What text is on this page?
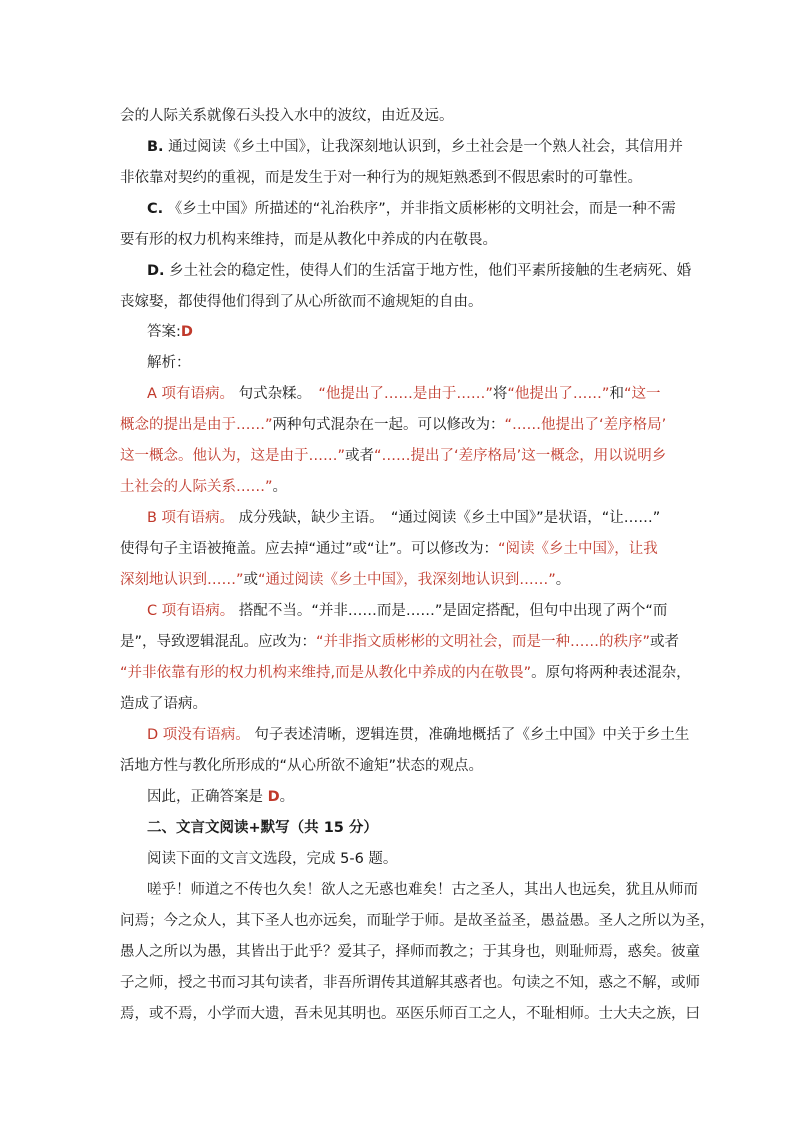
会的人际关系就像石头投入水中的波纹，由近及远。
B. 通过阅读《乡土中国》，让我深刻地认识到，乡土社会是一个熟人社会，其信用并
非依靠对契约的重视，而是发生于对一种行为的规矩熟悉到不假思索时的可靠性。
C. 《乡土中国》所描述的“礼治秩序”，并非指文质彬彬的文明社会，而是一种不需
要有形的权力机构来维持，而是从教化中养成的内在敬畏。
D. 乡土社会的稳定性，使得人们的生活富于地方性，他们平素所接触的生老病死、婚
丧嫁娶，都使得他们得到了从心所欲而不逾规矩的自由。
答案:D
解析：
A 项有语病。 句式杂糅。　 “他提出了……是由于……”将“他提出了……”和“这一
概念的提出是由于……”两种句式混杂在一起。可以修改为：“……他提出了‘差序格局’
这一概念。他认为，这是由于……”或者“……提出了‘差序格局’这一概念，用以说明乡
土社会的人际关系……”。
B 项有语病。 成分残缺，缺少主语。　 “通过阅读《乡土中国》”是状语，“让……”
使得句子主语被掩盖。应去掉“通过”或“让”。可以修改为：“阅读《乡土中国》，让我
深刻地认识到……”或“通过阅读《乡土中国》，我深刻地认识到……”。
C 项有语病。 搭配不当。“并非……而是……”是固定搭配，但句中出现了两个“而
是”，导致逻辑混乱。应改为：“并非指文质彬彬的文明社会，而是一种……的秩序”或者
“并非依靠有形的权力机构来维持,而是从教化中养成的内在敬畏”。原句将两种表述混杂，
造成了语病。
D 项没有语病。 句子表述清晰，逻辑连贯，准确地概括了《乡土中国》中关于乡土生
活地方性与教化所形成的“从心所欲不逾矩”状态的观点。
因此，正确答案是 D。
二、文言文阅读+默写（共 15 分）
阅读下面的文言文选段，完成 5-6 题。
嗟乎！师道之不传也久矣！欲人之无惑也难矣！古之圣人，其出人也远矣，犹且从师而
问焉；今之众人，其下圣人也亦远矣，而耻学于师。是故圣益圣，愚益愚。圣人之所以为圣，
愚人之所以为愚，其皆出于此乎？爱其子，择师而教之；于其身也，则耻师焉，惑矣。彼童
子之师，授之书而习其句读者，非吾所谓传其道解其惑者也。句读之不知，惑之不解，或师
焉，或不焉，小学而大遗，吾未见其明也。巫医乐师百工之人，不耻相师。士大夫之族，曰
